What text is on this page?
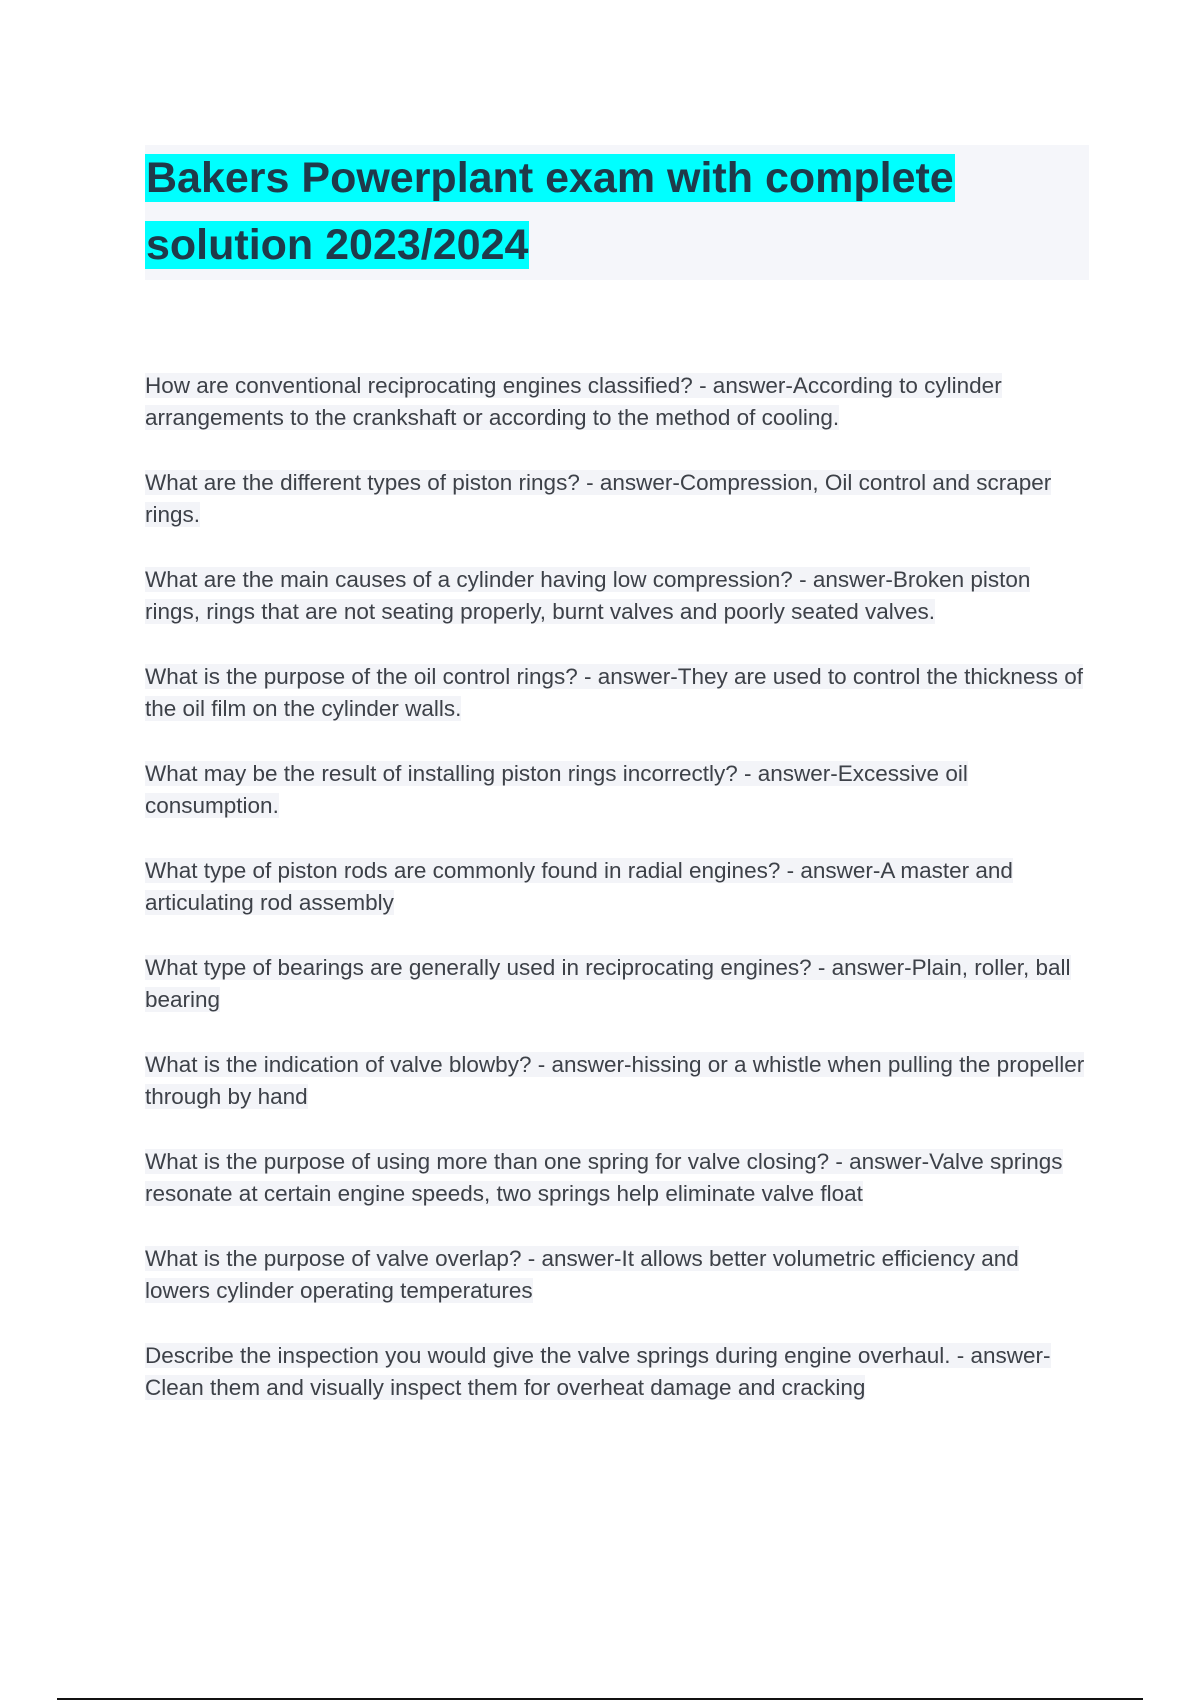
Bakers Powerplant exam with complete solution 2023/2024

How are conventional reciprocating engines classified? - answer-According to cylinder arrangements to the crankshaft or according to the method of cooling.

What are the different types of piston rings? - answer-Compression, Oil control and scraper rings.

What are the main causes of a cylinder having low compression? - answer-Broken piston rings, rings that are not seating properly, burnt valves and poorly seated valves.

What is the purpose of the oil control rings? - answer-They are used to control the thickness of the oil film on the cylinder walls.

What may be the result of installing piston rings incorrectly? - answer-Excessive oil consumption.

What type of piston rods are commonly found in radial engines? - answer-A master and articulating rod assembly

What type of bearings are generally used in reciprocating engines? - answer-Plain, roller, ball bearing

What is the indication of valve blowby? - answer-hissing or a whistle when pulling the propeller through by hand

What is the purpose of using more than one spring for valve closing? - answer-Valve springs resonate at certain engine speeds, two springs help eliminate valve float

What is the purpose of valve overlap? - answer-It allows better volumetric efficiency and lowers cylinder operating temperatures

Describe the inspection you would give the valve springs during engine overhaul. - answer-Clean them and visually inspect them for overheat damage and cracking
